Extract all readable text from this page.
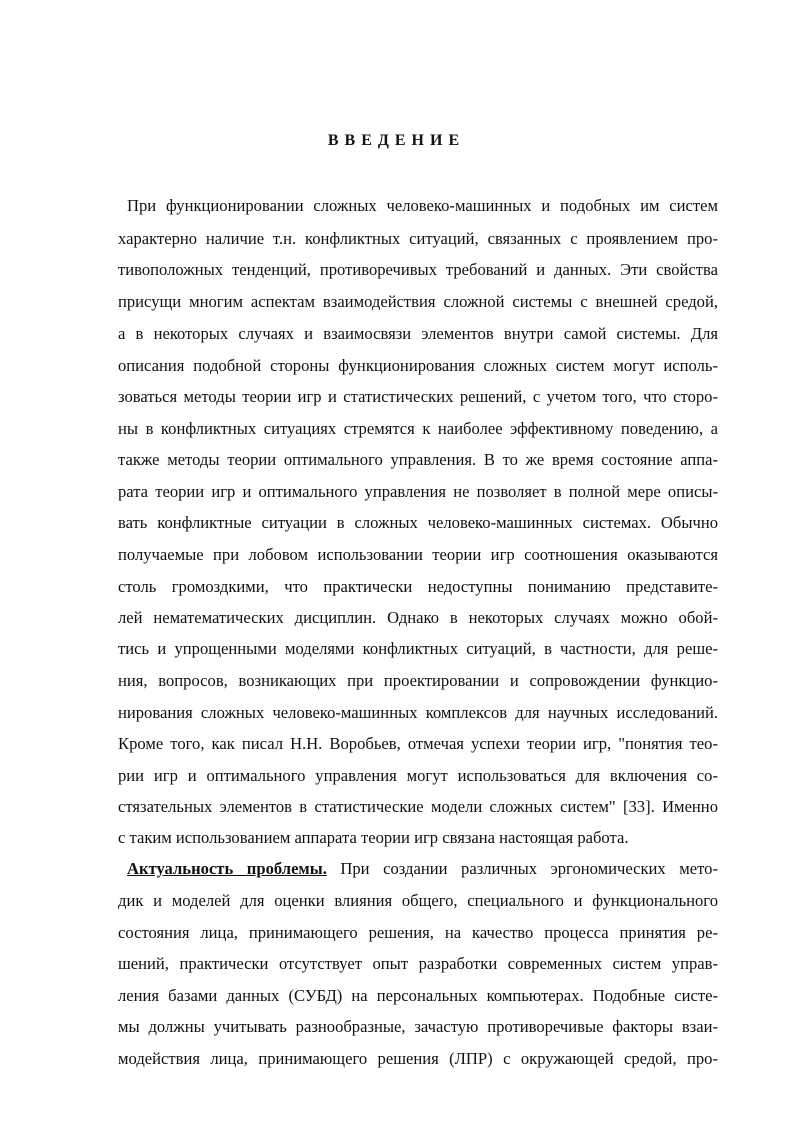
ВВЕДЕНИЕ
При функционировании сложных человеко-машинных и подобных им систем
характерно наличие т.н. конфликтных ситуаций, связанных с проявлением про-
тивоположных тенденций, противоречивых требований и данных. Эти свойства
присущи многим аспектам взаимодействия сложной системы с внешней средой,
а в некоторых случаях и взаимосвязи элементов внутри самой системы. Для
описания подобной стороны функционирования сложных систем могут исполь-
зоваться методы теории игр и статистических решений, с учетом того, что сторо-
ны в конфликтных ситуациях стремятся к наиболее эффективному поведению, а
также методы теории оптимального управления. В то же время состояние аппа-
рата теории игр и оптимального управления не позволяет в полной мере описы-
вать конфликтные ситуации в сложных человеко-машинных системах. Обычно
получаемые при лобовом использовании теории игр соотношения оказываются
столь громоздкими, что практически недоступны пониманию представите-
лей нематематических дисциплин. Однако в некоторых случаях можно обой-
тись и упрощенными моделями конфликтных ситуаций, в частности, для реше-
ния, вопросов, возникающих при проектировании и сопровождении функцио-
нирования сложных человеко-машинных комплексов для научных исследований.
Кроме того, как писал Н.Н. Воробьев, отмечая успехи теории игр, "понятия тео-
рии игр и оптимального управления могут использоваться для включения со-
стязательных элементов в статистические модели сложных систем" [33]. Именно
с таким использованием аппарата теории игр связана настоящая работа.
Актуальность проблемы. При создании различных эргономических мето-
дик и моделей для оценки влияния общего, специального и функционального
состояния лица, принимающего решения, на качество процесса принятия ре-
шений, практически отсутствует опыт разработки современных систем управ-
ления базами данных (СУБД) на персональных компьютерах. Подобные систе-
мы должны учитывать разнообразные, зачастую противоречивые факторы взаи-
модействия лица, принимающего решения (ЛПР) с окружающей средой, про-
